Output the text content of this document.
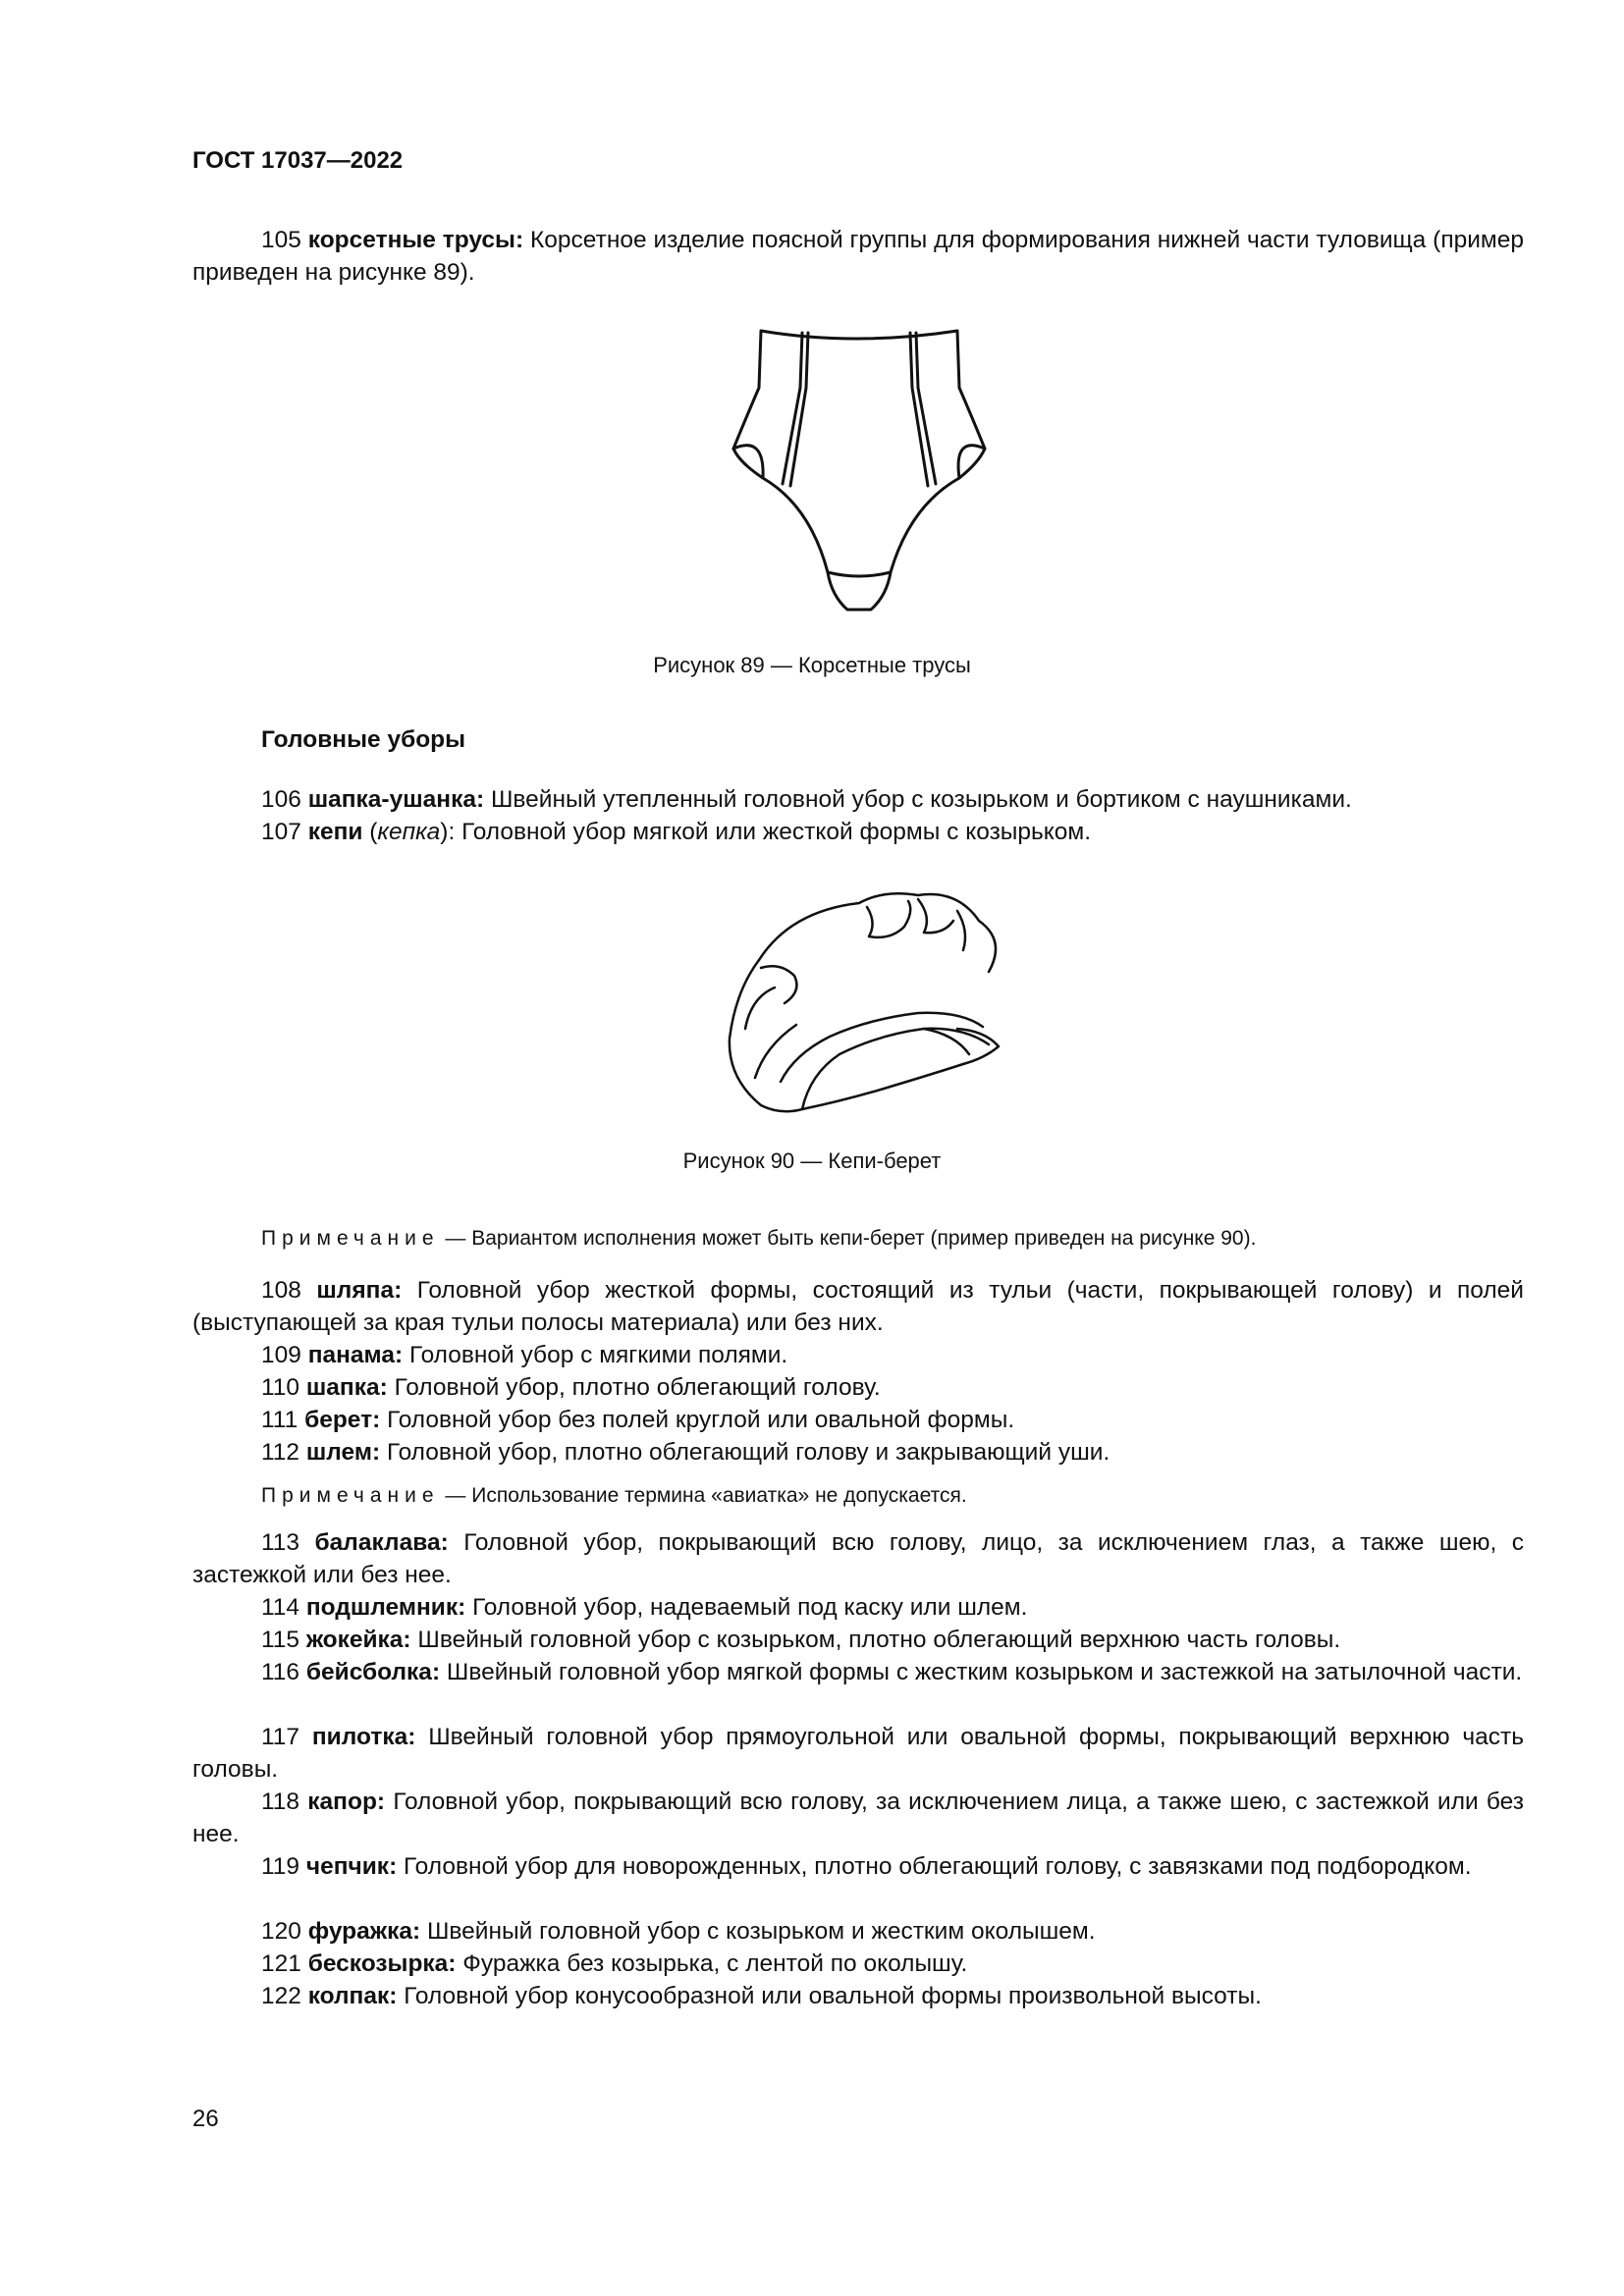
ГОСТ 17037—2022
105 корсетные трусы: Корсетное изделие поясной группы для формирования нижней части туловища (пример приведен на рисунке 89).
Рисунок 89 — Корсетные трусы
Головные уборы
106 шапка-ушанка: Швейный утепленный головной убор с козырьком и бортиком с наушниками.
107 кепи (кепка): Головной убор мягкой или жесткой формы с козырьком.
Рисунок 90 — Кепи-берет
Примечание — Вариантом исполнения может быть кепи-берет (пример приведен на рисунке 90).
108 шляпа: Головной убор жесткой формы, состоящий из тульи (части, покрывающей голову) и полей (выступающей за края тульи полосы материала) или без них.
109 панама: Головной убор с мягкими полями.
110 шапка: Головной убор, плотно облегающий голову.
111 берет: Головной убор без полей круглой или овальной формы.
112 шлем: Головной убор, плотно облегающий голову и закрывающий уши.
Примечание — Использование термина «авиатка» не допускается.
113 балаклава: Головной убор, покрывающий всю голову, лицо, за исключением глаз, а также шею, с застежкой или без нее.
114 подшлемник: Головной убор, надеваемый под каску или шлем.
115 жокейка: Швейный головной убор с козырьком, плотно облегающий верхнюю часть головы.
116 бейсболка: Швейный головной убор мягкой формы с жестким козырьком и застежкой на затылочной части.
117 пилотка: Швейный головной убор прямоугольной или овальной формы, покрывающий верхнюю часть головы.
118 капор: Головной убор, покрывающий всю голову, за исключением лица, а также шею, с застежкой или без нее.
119 чепчик: Головной убор для новорожденных, плотно облегающий голову, с завязками под подбородком.
120 фуражка: Швейный головной убор с козырьком и жестким околышем.
121 бескозырка: Фуражка без козырька, с лентой по околышу.
122 колпак: Головной убор конусообразной или овальной формы произвольной высоты.
26
